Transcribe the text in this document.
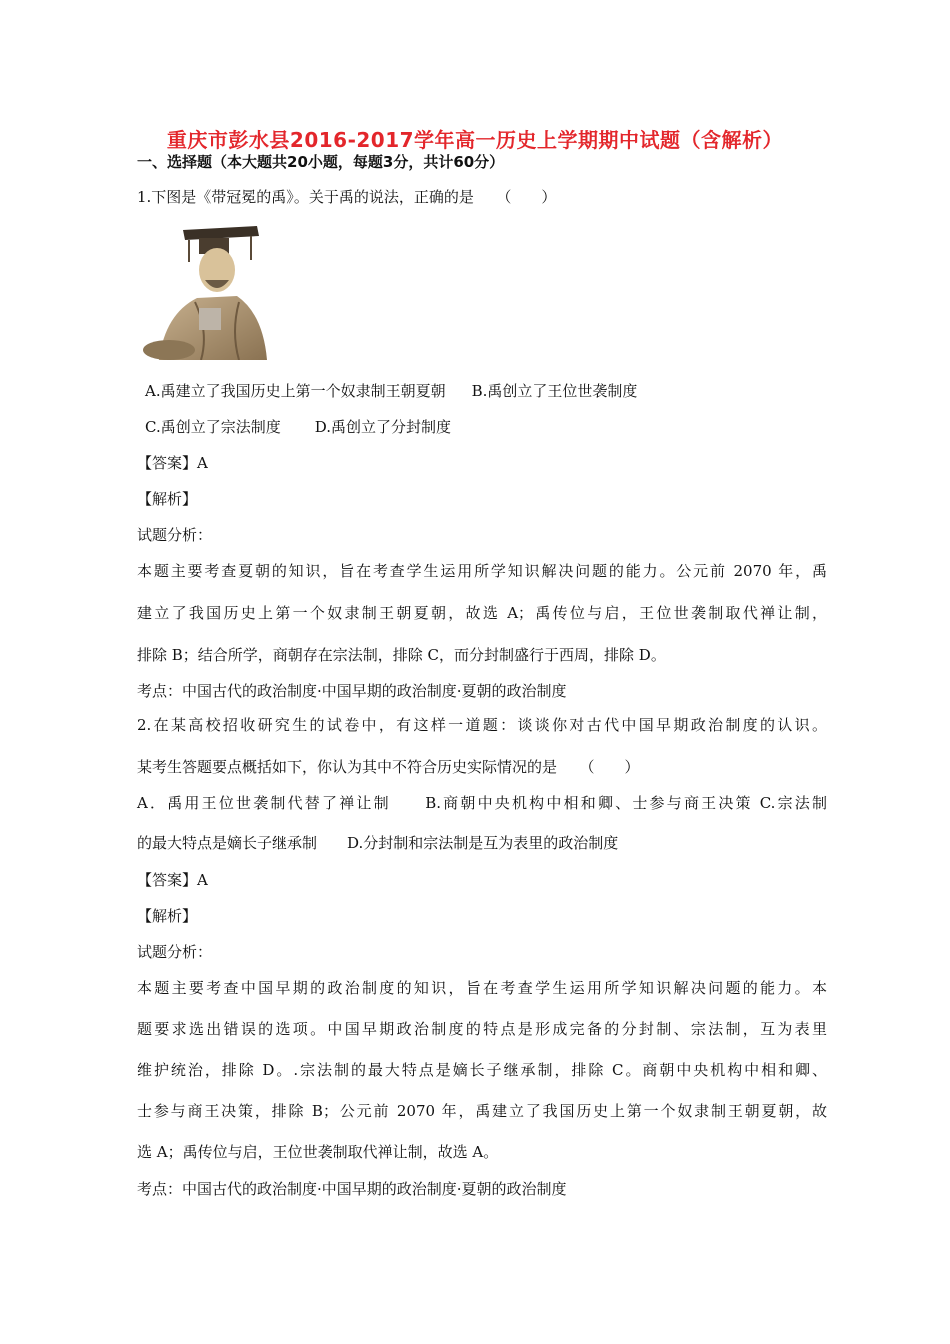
重庆市彭水县2016-2017学年高一历史上学期期中试题（含解析）
一、选择题（本大题共20小题，每题3分，共计60分）
1.下图是《带冠冕的禹》。关于禹的说法，正确的是　　（　　）
A.禹建立了我国历史上第一个奴隶制王朝夏朝 B.禹创立了王位世袭制度
C.禹创立了宗法制度 D.禹创立了分封制度
【答案】A
【解析】
试题分析：
本题主要考查夏朝的知识，旨在考查学生运用所学知识解决问题的能力。公元前 2070 年，禹
建立了我国历史上第一个奴隶制王朝夏朝，故选 A；禹传位与启，王位世袭制取代禅让制，
排除 B；结合所学，商朝存在宗法制，排除 C，而分封制盛行于西周，排除 D。
考点：中国古代的政治制度·中国早期的政治制度·夏朝的政治制度
2.在某高校招收研究生的试卷中，有这样一道题：谈谈你对古代中国早期政治制度的认识。
某考生答题要点概括如下，你认为其中不符合历史实际情况的是　　（　　）
A．禹用王位世袭制代替了禅让制　　B.商朝中央机构中相和卿、士参与商王决策 C.宗法制
的最大特点是嫡长子继承制　　D.分封制和宗法制是互为表里的政治制度
【答案】A
【解析】
试题分析：
本题主要考查中国早期的政治制度的知识，旨在考查学生运用所学知识解决问题的能力。本
题要求选出错误的选项。中国早期政治制度的特点是形成完备的分封制、宗法制，互为表里
维护统治，排除 D。.宗法制的最大特点是嫡长子继承制，排除 C。商朝中央机构中相和卿、
士参与商王决策，排除 B；公元前 2070 年，禹建立了我国历史上第一个奴隶制王朝夏朝，故
选 A；禹传位与启，王位世袭制取代禅让制，故选 A。
考点：中国古代的政治制度·中国早期的政治制度·夏朝的政治制度
